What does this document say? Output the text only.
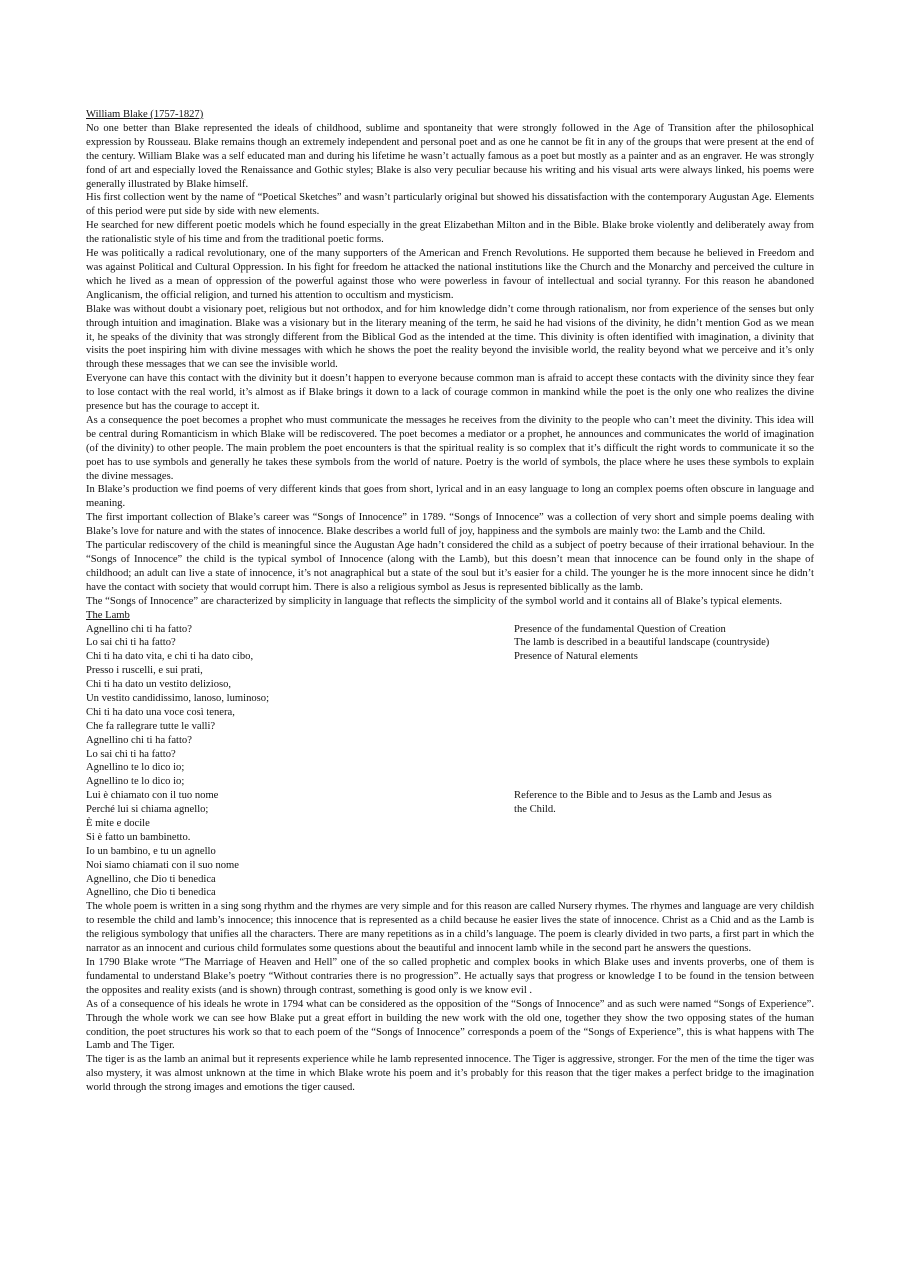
William Blake (1757-1827)

No one better than Blake represented the ideals of childhood, sublime and spontaneity that were strongly followed in the Age of Transition after the philosophical expression by Rousseau. Blake remains though an extremely independent and personal poet and as one he cannot be fit in any of the groups that were present at the end of the century. William Blake was a self educated man and during his lifetime he wasn’t actually famous as a poet but mostly as a painter and as an engraver. He was strongly fond of art and especially loved the Renaissance and Gothic styles; Blake is also very peculiar because his writing and his visual arts were always linked, his poems were generally illustrated by Blake himself.

His first collection went by the name of “Poetical Sketches” and wasn’t particularly original but showed his dissatisfaction with the contemporary Augustan Age. Elements of this period were put side by side with new elements.

He searched for new different poetic models which he found especially in the great Elizabethan Milton and in the Bible. Blake broke violently and deliberately away from the rationalistic style of his time and from the traditional poetic forms.

He was politically a radical revolutionary, one of the many supporters of the American and French Revolutions. He supported them because he believed in Freedom and was against Political and Cultural Oppression. In his fight for freedom he attacked the national institutions like the Church and the Monarchy and perceived the culture in which he lived as a mean of oppression of the powerful against those who were powerless in favour of intellectual and social tyranny. For this reason he abandoned Anglicanism, the official religion, and turned his attention to occultism and mysticism.

Blake was without doubt a visionary poet, religious but not orthodox, and for him knowledge didn’t come through rationalism, nor from experience of the senses but only through intuition and imagination. Blake was a visionary but in the literary meaning of the term, he said he had visions of the divinity, he didn’t mention God as we mean it, he speaks of the divinity that was strongly different from the Biblical God as the intended at the time. This divinity is often identified with imagination, a divinity that visits the poet inspiring him with divine messages with which he shows the poet the reality beyond the invisible world, the reality beyond what we perceive and it’s only through these messages that we can see the invisible world.

Everyone can have this contact with the divinity but it doesn’t happen to everyone because common man is afraid to accept these contacts with the divinity since they fear to lose contact with the real world, it’s almost as if Blake brings it down to a lack of courage common in mankind while the poet is the only one who realizes the divine presence but has the courage to accept it.

As a consequence the poet becomes a prophet who must communicate the messages he receives from the divinity to the people who can’t meet the divinity. This idea will be central during Romanticism in which Blake will be rediscovered. The poet becomes a mediator or a prophet, he announces and communicates the world of imagination (of the divinity) to other people. The main problem the poet encounters is that the spiritual reality is so complex that it’s difficult the right words to communicate it so the poet has to use symbols and generally he takes these symbols from the world of nature. Poetry is the world of symbols, the place where he uses these symbols to explain the divine messages.

In Blake’s production we find poems of very different kinds that goes from short, lyrical and in an easy language to long an complex poems often obscure in language and meaning.

The first important collection of Blake’s career was “Songs of Innocence” in 1789. “Songs of Innocence” was a collection of very short and simple poems dealing with Blake’s love for nature and with the states of innocence. Blake describes a world full of joy, happiness and the symbols are mainly two: the Lamb and the Child.

The particular rediscovery of the child is meaningful since the Augustan Age hadn’t considered the child as a subject of poetry because of their irrational behaviour. In the “Songs of Innocence” the child is the typical symbol of Innocence (along with the Lamb), but this doesn’t mean that innocence can be found only in the shape of childhood; an adult can live a state of innocence, it’s not anagraphical but a state of the soul but it’s easier for a child. The younger he is the more innocent since he didn’t have the contact with society that would corrupt him. There is also a religious symbol as Jesus is represented biblically as the lamb.

The “Songs of Innocence” are characterized by simplicity in language that reflects the simplicity of the symbol world and it contains all of Blake’s typical elements.

The Lamb
Agnellino chi ti ha fatto?
Lo sai chi ti ha fatto?
Chi ti ha dato vita, e chi ti ha dato cibo,
Presso i ruscelli, e sui prati,
Chi ti ha dato un vestito delizioso,
Un vestito candidissimo, lanoso, luminoso;
Chi ti ha dato una voce così tenera,
Che fa rallegrare tutte le valli?
Agnellino chi ti ha fatto?
Lo sai chi ti ha fatto?
Agnellino te lo dico io;
Agnellino te lo dico io;
Lui è chiamato con il tuo nome
Perché lui si chiama agnello;
È mite e docile
Si è fatto un bambinetto.
Io un bambino, e tu un agnello
Noi siamo chiamati con il suo nome
Agnellino, che Dio ti benedica
Agnellino, che Dio ti benedica
Presence of the fundamental Question of Creation
The lamb is described in a beautiful landscape (countryside)
Presence of Natural elements
Reference to the Bible and to Jesus as the Lamb and Jesus as
the Child.

The whole poem is written in a sing song rhythm and the rhymes are very simple and for this reason are called Nursery rhymes. The rhymes and language are very childish to resemble the child and lamb’s innocence; this innocence that is represented as a child because he easier lives the state of innocence. Christ as a Chid and as the Lamb is the religious symbology that unifies all the characters. There are many repetitions as in a child’s language. The poem is clearly divided in two parts, a first part in which the narrator as an innocent and curious child formulates some questions about the beautiful and innocent lamb while in the second part he answers the questions.

In 1790 Blake wrote “The Marriage of Heaven and Hell” one of the so called prophetic and complex books in which Blake uses and invents proverbs, one of them is fundamental to understand Blake’s poetry “Without contraries there is no progression”. He actually says that progress or knowledge I to be found in the tension between the opposites and reality exists (and is shown) through contrast, something is good only is we know evil .

As of a consequence of his ideals he wrote in 1794 what can be considered as the opposition of the “Songs of Innocence” and as such were named “Songs of Experience”. Through the whole work we can see how Blake put a great effort in building the new work with the old one, together they show the two opposing states of the human condition, the poet structures his work so that to each poem of the “Songs of Innocence” corresponds a poem of the “Songs of Experience”, this is what happens with The Lamb and The Tiger.

The tiger is as the lamb an animal but it represents experience while he lamb represented innocence. The Tiger is aggressive, stronger. For the men of the time the tiger was also mystery, it was almost unknown at the time in which Blake wrote his poem and it’s probably for this reason that the tiger makes a perfect bridge to the imagination world through the strong images and emotions the tiger caused.
